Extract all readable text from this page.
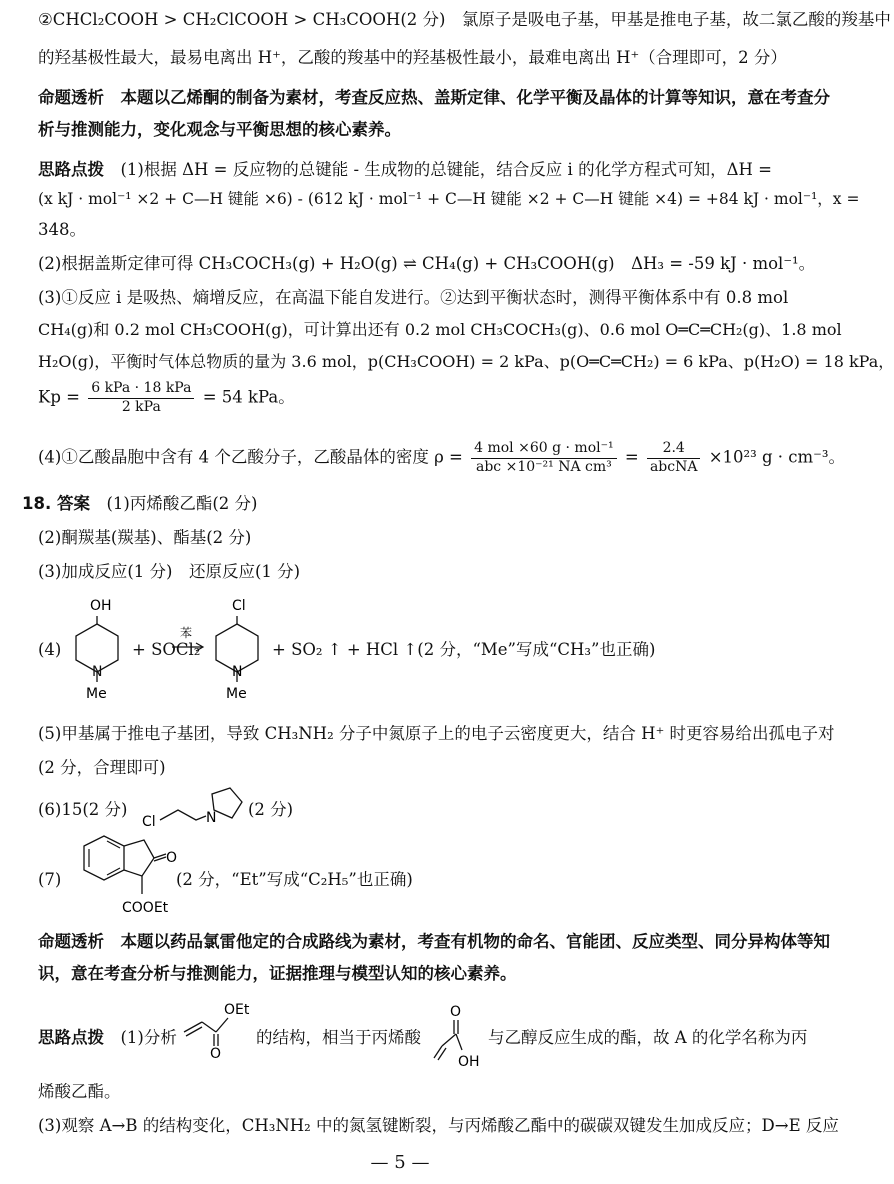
②CHCl₂COOH > CH₂ClCOOH > CH₃COOH(2 分)　氯原子是吸电子基，甲基是推电子基，故二氯乙酸的羧基中
的羟基极性最大，最易电离出 H⁺，乙酸的羧基中的羟基极性最小，最难电离出 H⁺（合理即可，2 分）
命题透析　本题以乙烯酮的制备为素材，考查反应热、盖斯定律、化学平衡及晶体的计算等知识，意在考查分
析与推测能力，变化观念与平衡思想的核心素养。
思路点拨　(1)根据 ΔH = 反应物的总键能 - 生成物的总键能，结合反应 ⅰ 的化学方程式可知，ΔH =
(x kJ · mol⁻¹ ×2 + C—H 键能 ×6) - (612 kJ · mol⁻¹ + C—H 键能 ×2 + C—H 键能 ×4) = +84 kJ · mol⁻¹，x =
348。
(2)根据盖斯定律可得 CH₃COCH₃(g) + H₂O(g) ⇌ CH₄(g) + CH₃COOH(g)　ΔH₃ = -59 kJ · mol⁻¹。
(3)①反应 ⅰ 是吸热、熵增反应，在高温下能自发进行。②达到平衡状态时，测得平衡体系中有 0.8 mol
CH₄(g)和 0.2 mol CH₃COOH(g)，可计算出还有 0.2 mol CH₃COCH₃(g)、0.6 mol O═C═CH₂(g)、1.8 mol
H₂O(g)，平衡时气体总物质的量为 3.6 mol，p(CH₃COOH) = 2 kPa、p(O═C═CH₂) = 6 kPa、p(H₂O) = 18 kPa，
$Kp = \frac{\text{6 kPa · 18 kPa}}{\text{2 kPa}} = 54$ kPa。
(4)①乙酸晶胞中含有 4 个乙酸分子，乙酸晶体的密度 $\rho = \frac{\text{4 mol ×60 g · mol⁻¹}}{\text{abc ×10⁻²¹ NA cm³}} = \frac{2.4}{\text{abcNA}} \times 10^{23}$ g · cm⁻³。
18. 答案　(1)丙烯酸乙酯(2 分)
(2)酮羰基(羰基)、酯基(2 分)
(3)加成反应(1 分)　还原反应(1 分)
(4)
OH
N
Me
+ SOCl₂
苯
Cl
N
Me
+ SO₂ ↑ + HCl ↑(2 分，“Me”写成“CH₃”也正确)
(5)甲基属于推电子基团，导致 CH₃NH₂ 分子中氮原子上的电子云密度更大，结合 H⁺ 时更容易给出孤电子对
(2 分，合理即可)
(6)15(2 分)
Cl	N (2 分)
(7)
O
COOEt
(2 分，“Et”写成“C₂H₅”也正确)
命题透析　本题以药品氯雷他定的合成路线为素材，考查有机物的命名、官能团、反应类型、同分异构体等知
识，意在考查分析与推测能力，证据推理与模型认知的核心素养。
思路点拨　(1)分析
OEt
O
的结构，相当于丙烯酸
O
OH
与乙醇反应生成的酯，故 A 的化学名称为丙
烯酸乙酯。
(3)观察 A→B 的结构变化，CH₃NH₂ 中的氮氢键断裂，与丙烯酸乙酯中的碳碳双键发生加成反应；D→E 反应
— 5 —
